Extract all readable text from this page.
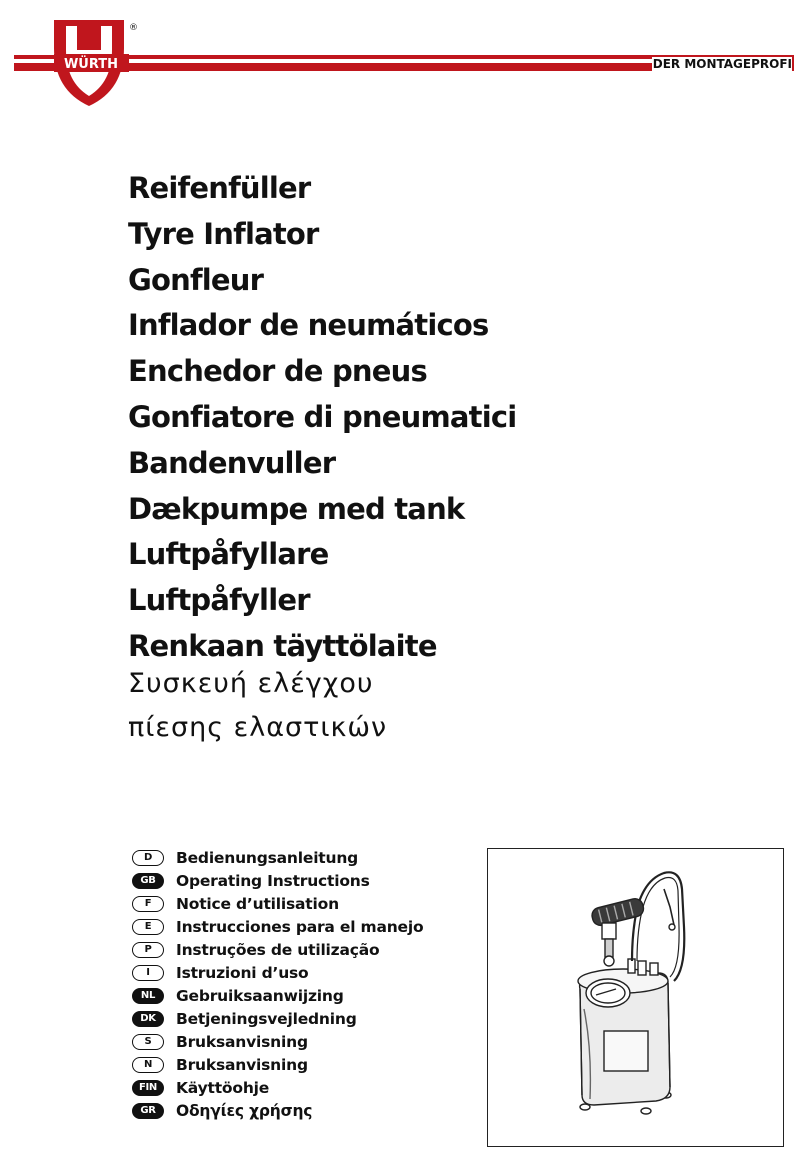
WÜRTH
®
DER MONTAGEPROFI
Reifenfüller
Tyre Inflator
Gonfleur
Inflador de neumáticos
Enchedor de pneus
Gonfiatore di pneumatici
Bandenvuller
Dækpumpe med tank
Luftpåfyllare
Luftpåfyller
Renkaan täyttölaite

Συσκευή ελέγχου

πίεσης ελαστικών

D	Bedienungsanleitung
GB	Operating Instructions
F	Notice d’utilisation
E	Instrucciones para el manejo
P	Instruções de utilização
I	Istruzioni d’uso
NL	Gebruiksaanwijzing
DK	Betjeningsvejledning
S	Bruksanvisning
N	Bruksanvisning
FIN	Käyttöohje
GR	Οδηγίες χρήσης
